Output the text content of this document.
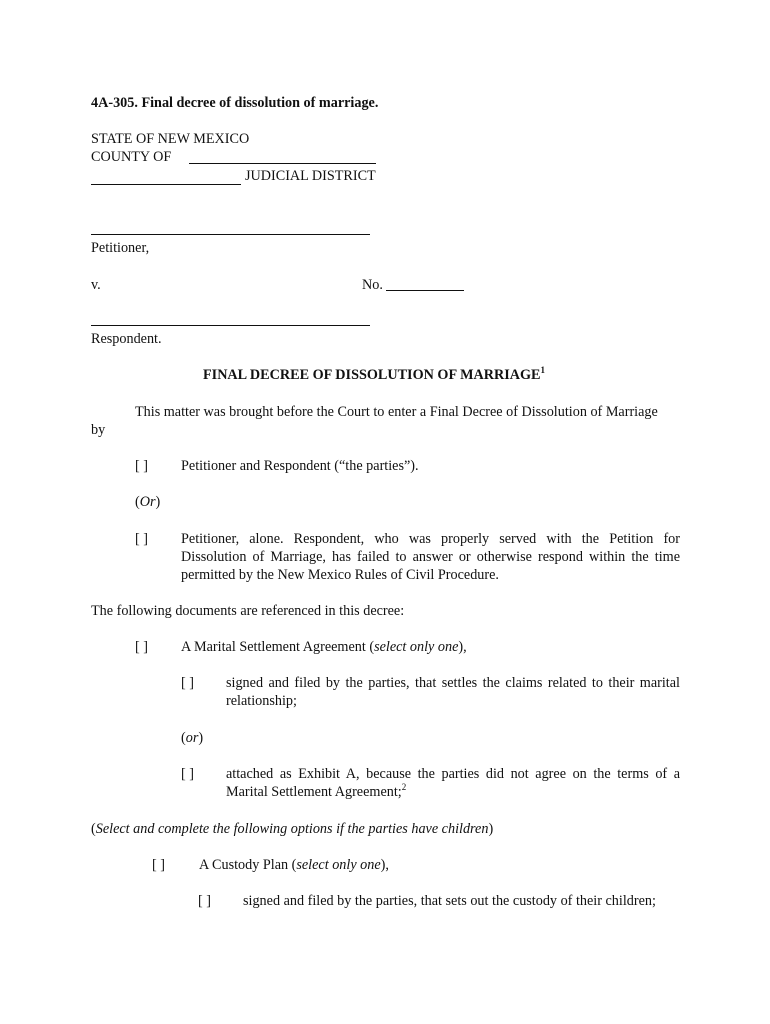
4A-305. Final decree of dissolution of marriage.
STATE OF NEW MEXICO
COUNTY OF
JUDICIAL DISTRICT
Petitioner,
v.	No.
Respondent.
FINAL DECREE OF DISSOLUTION OF MARRIAGE$^1$
This matter was brought before the Court to enter a Final Decree of Dissolution of Marriage
by
[ ] Petitioner and Respondent (“the parties”).
(Or)
[ ] Petitioner, alone. Respondent, who was properly served with the Petition for Dissolution of Marriage, has failed to answer or otherwise respond within the time permitted by the New Mexico Rules of Civil Procedure.
The following documents are referenced in this decree:
[ ] A Marital Settlement Agreement (select only one),
[ ] signed and filed by the parties, that settles the claims related to their marital relationship;
(or)
[ ] attached as Exhibit A, because the parties did not agree on the terms of a Marital Settlement Agreement;$^2$
(Select and complete the following options if the parties have children)
[ ] A Custody Plan (select only one),
[ ] signed and filed by the parties, that sets out the custody of their children;
